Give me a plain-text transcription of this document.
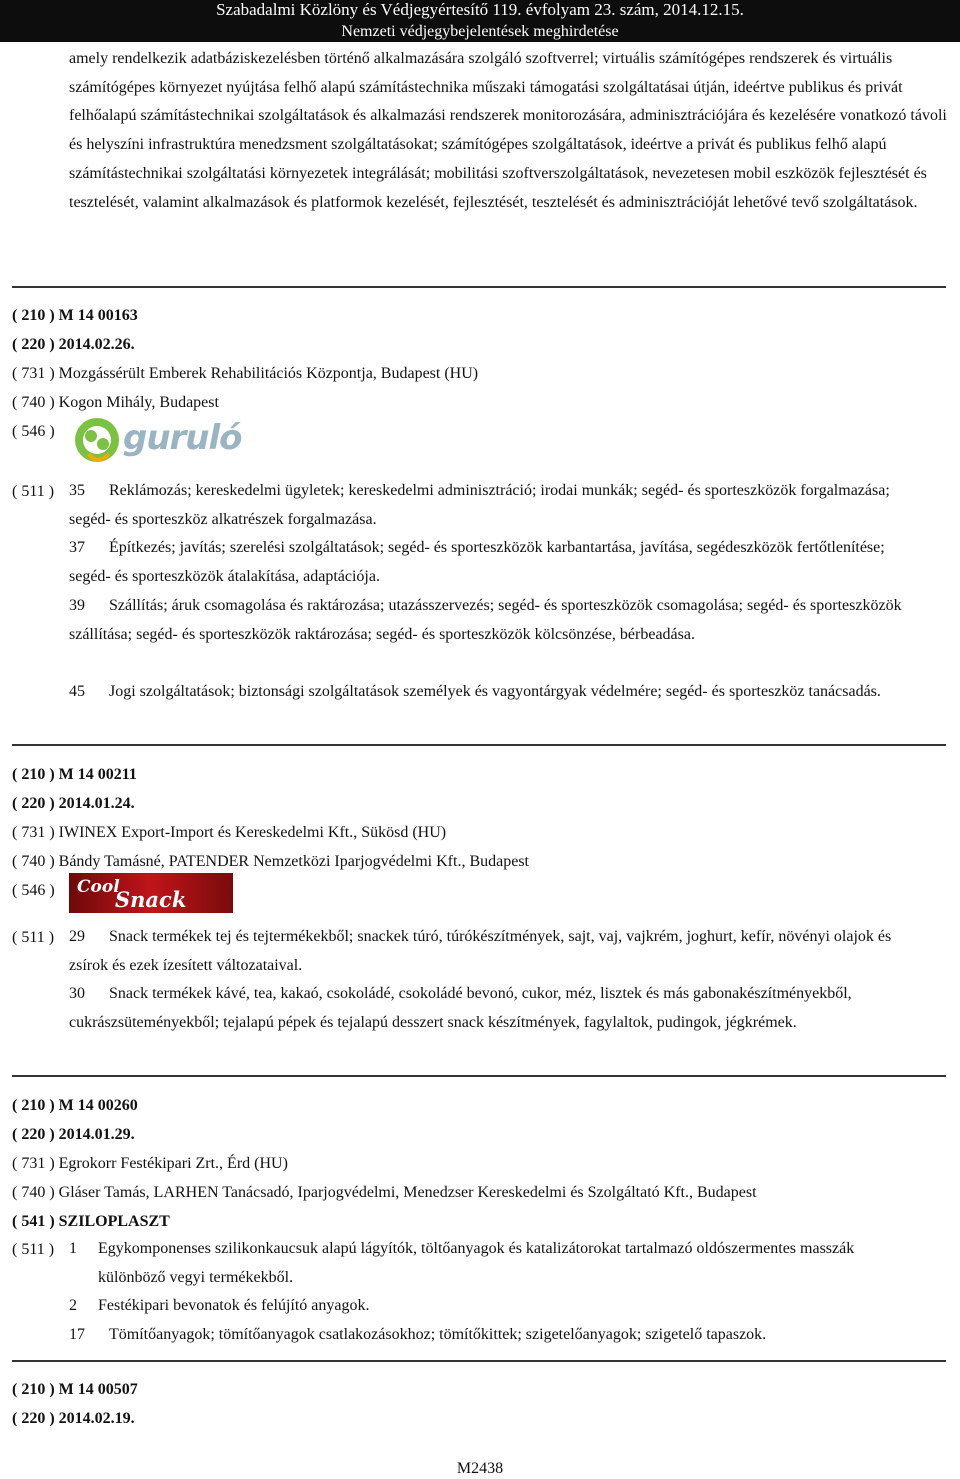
Szabadalmi Közlöny és Védjegyértesítő 119. évfolyam 23. szám, 2014.12.15.
Nemzeti védjegybejelentések meghirdetése

amely rendelkezik adatbáziskezelésben történő alkalmazására szolgáló szoftverrel; virtuális számítógépes rendszerek és virtuális számítógépes környezet nyújtása felhő alapú számítástechnika műszaki támogatási szolgáltatásai útján, ideértve publikus és privát felhőalapú számítástechnikai szolgáltatások és alkalmazási rendszerek monitorozására, adminisztrációjára és kezelésére vonatkozó távoli és helyszíni infrastruktúra menedzsment szolgáltatásokat; számítógépes szolgáltatások, ideértve a privát és publikus felhő alapú számítástechnikai szolgáltatási környezetek integrálását; mobilitási szoftverszolgáltatások, nevezetesen mobil eszközök fejlesztését és tesztelését, valamint alkalmazások és platformok kezelését, fejlesztését, tesztelését és adminisztrációját lehetővé tevő szolgáltatások.

( 210 ) M 14 00163
( 220 ) 2014.02.26.
( 731 ) Mozgássérült Emberek Rehabilitációs Központja, Budapest (HU)
( 740 ) Kogon Mihály, Budapest
( 546 ) guruló
( 511 ) 35 Reklámozás; kereskedelmi ügyletek; kereskedelmi adminisztráció; irodai munkák; segéd- és sporteszközök forgalmazása; segéd- és sporteszköz alkatrészek forgalmazása.
37 Építkezés; javítás; szerelési szolgáltatások; segéd- és sporteszközök karbantartása, javítása, segédeszközök fertőtlenítése; segéd- és sporteszközök átalakítása, adaptációja.
39 Szállítás; áruk csomagolása és raktározása; utazásszervezés; segéd- és sporteszközök csomagolása; segéd- és sporteszközök szállítása; segéd- és sporteszközök raktározása; segéd- és sporteszközök kölcsönzése, bérbeadása.
45 Jogi szolgáltatások; biztonsági szolgáltatások személyek és vagyontárgyak védelmére; segéd- és sporteszköz tanácsadás.
( 210 ) M 14 00211
( 220 ) 2014.01.24.
( 731 ) IWINEX Export-Import és Kereskedelmi Kft., Sükösd (HU)
( 740 ) Bándy Tamásné, PATENDER Nemzetközi Iparjogvédelmi Kft., Budapest
( 546 ) Cool
Snack
( 511 ) 29 Snack termékek tej és tejtermékekből; snackek túró, túrókészítmények, sajt, vaj, vajkrém, joghurt, kefír, növényi olajok és zsírok és ezek ízesített változataival.
30 Snack termékek kávé, tea, kakaó, csokoládé, csokoládé bevonó, cukor, méz, lisztek és más gabonakészítményekből, cukrászsüteményekből; tejalapú pépek és tejalapú desszert snack készítmények, fagylaltok, pudingok, jégkrémek.
( 210 ) M 14 00260
( 220 ) 2014.01.29.
( 731 ) Egrokorr Festékipari Zrt., Érd (HU)
( 740 ) Gláser Tamás, LARHEN Tanácsadó, Iparjogvédelmi, Menedzser Kereskedelmi és Szolgáltató Kft., Budapest
( 541 ) SZILOPLASZT
( 511 ) 1 Egykomponenses szilikonkaucsuk alapú lágyítók, töltőanyagok és katalizátorokat tartalmazó oldószermentes masszák különböző vegyi termékekből.
2 Festékipari bevonatok és felújító anyagok.
17 Tömítőanyagok; tömítőanyagok csatlakozásokhoz; tömítőkittek; szigetelőanyagok; szigetelő tapaszok.
( 210 ) M 14 00507
( 220 ) 2014.02.19.
M2438
